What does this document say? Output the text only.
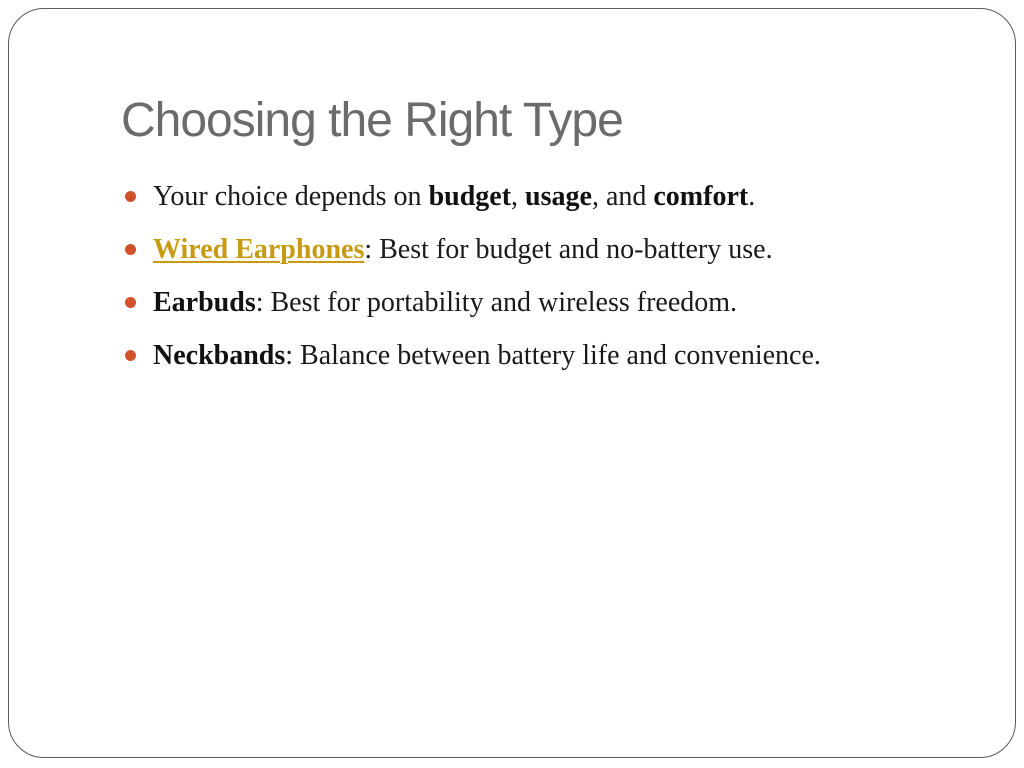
Choosing the Right Type
Your choice depends on budget, usage, and comfort.
Wired Earphones: Best for budget and no-battery use.
Earbuds: Best for portability and wireless freedom.
Neckbands: Balance between battery life and convenience.
